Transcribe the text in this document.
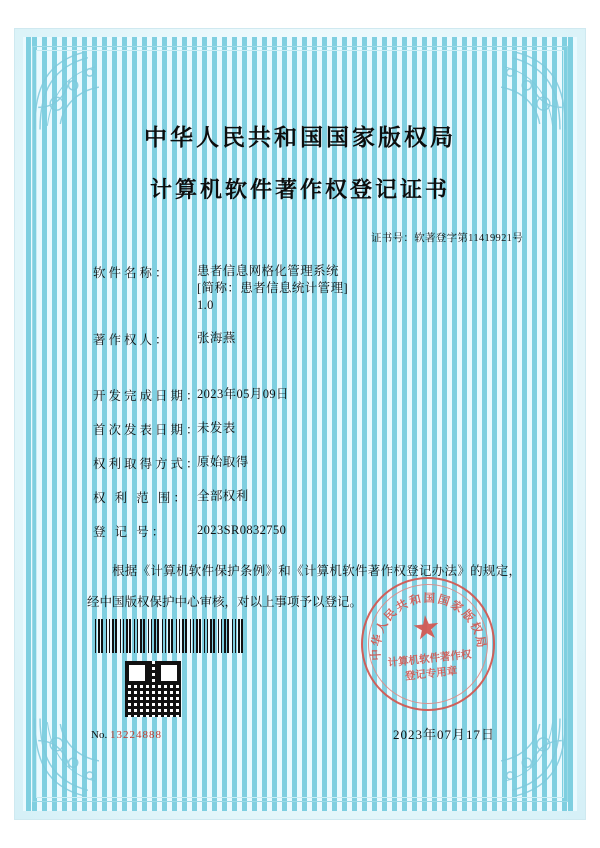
中华人民共和国国家版权局
计算机软件著作权登记证书
证书号：软著登字第11419921号
软件名称：	患者信息网格化管理系统
[简称：患者信息统计管理]
1.0
著作权人：	张海燕
开发完成日期：
2023年05月09日
首次发表日期：
未发表
权利取得方式：
原始取得
权 利 范 围： 全部权利
登 记 号：	2023SR0832750
根据《计算机软件保护条例》和《计算机软件著作权登记办法》的规定，经中国版权保护中心审核，对以上事项予以登记。
No. 13224888
中华人民共和国国家版权局
计算机软件著作权
登记专用章
2023年07月17日
